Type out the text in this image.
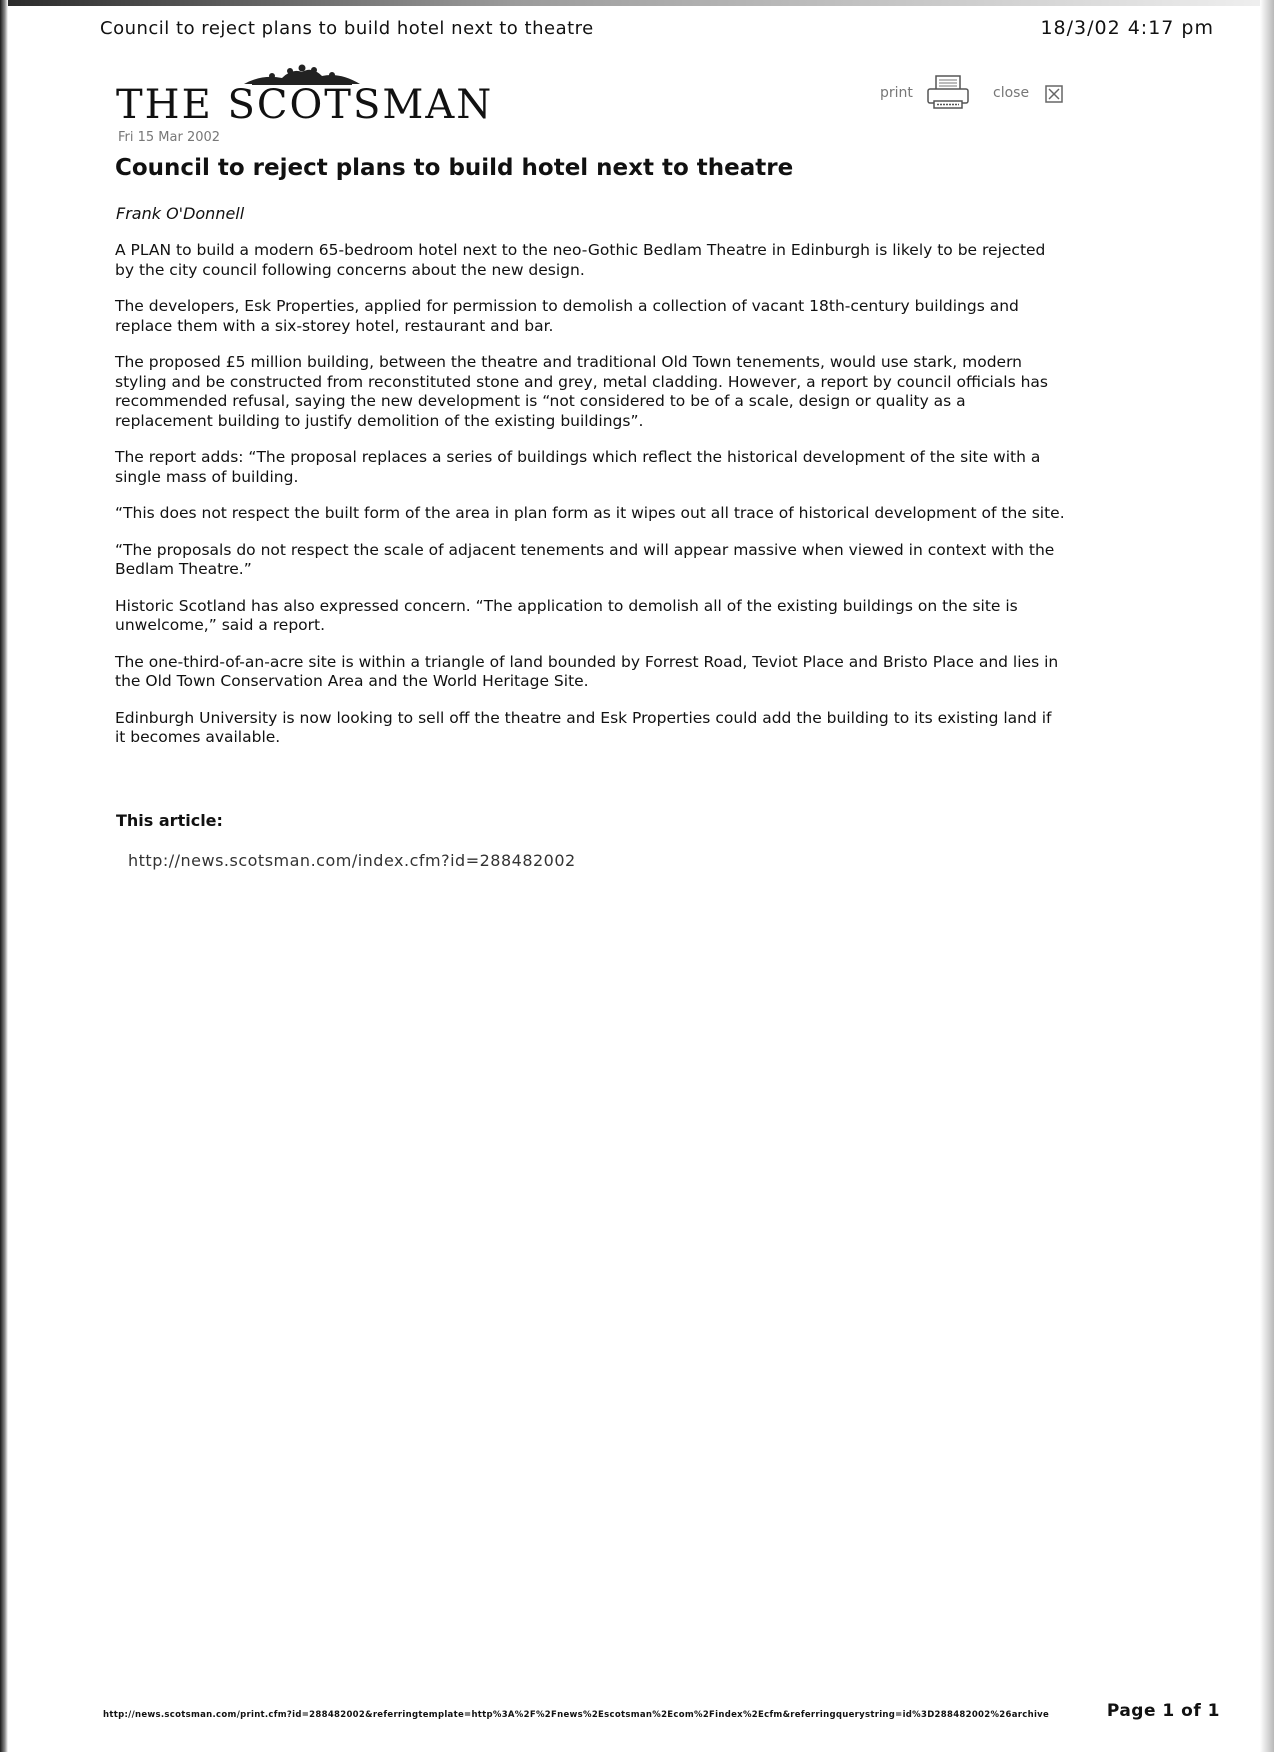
Council to reject plans to build hotel next to theatre	18/3/02 4:17 pm
THE SCOTSMAN
Fri 15 Mar 2002
print	close
Council to reject plans to build hotel next to theatre
Frank O'Donnell

A PLAN to build a modern 65-bedroom hotel next to the neo-Gothic Bedlam Theatre in Edinburgh is likely to be rejected by the city council following concerns about the new design.

The developers, Esk Properties, applied for permission to demolish a collection of vacant 18th-century buildings and replace them with a six-storey hotel, restaurant and bar.

The proposed £5 million building, between the theatre and traditional Old Town tenements, would use stark, modern styling and be constructed from reconstituted stone and grey, metal cladding. However, a report by council officials has recommended refusal, saying the new development is “not considered to be of a scale, design or quality as a replacement building to justify demolition of the existing buildings”.

The report adds: “The proposal replaces a series of buildings which reflect the historical development of the site with a single mass of building.

“This does not respect the built form of the area in plan form as it wipes out all trace of historical development of the site.

“The proposals do not respect the scale of adjacent tenements and will appear massive when viewed in context with the Bedlam Theatre.”

Historic Scotland has also expressed concern. “The application to demolish all of the existing buildings on the site is unwelcome,” said a report.

The one-third-of-an-acre site is within a triangle of land bounded by Forrest Road, Teviot Place and Bristo Place and lies in the Old Town Conservation Area and the World Heritage Site.

Edinburgh University is now looking to sell off the theatre and Esk Properties could add the building to its existing land if it becomes available.

This article:
http://news.scotsman.com/index.cfm?id=288482002
http://news.scotsman.com/print.cfm?id=288482002&referringtemplate=http%3A%2F%2Fnews%2Escotsman%2Ecom%2Findex%2Ecfm&referringquerystring=id%3D288482002%26archive	Page 1 of 1
